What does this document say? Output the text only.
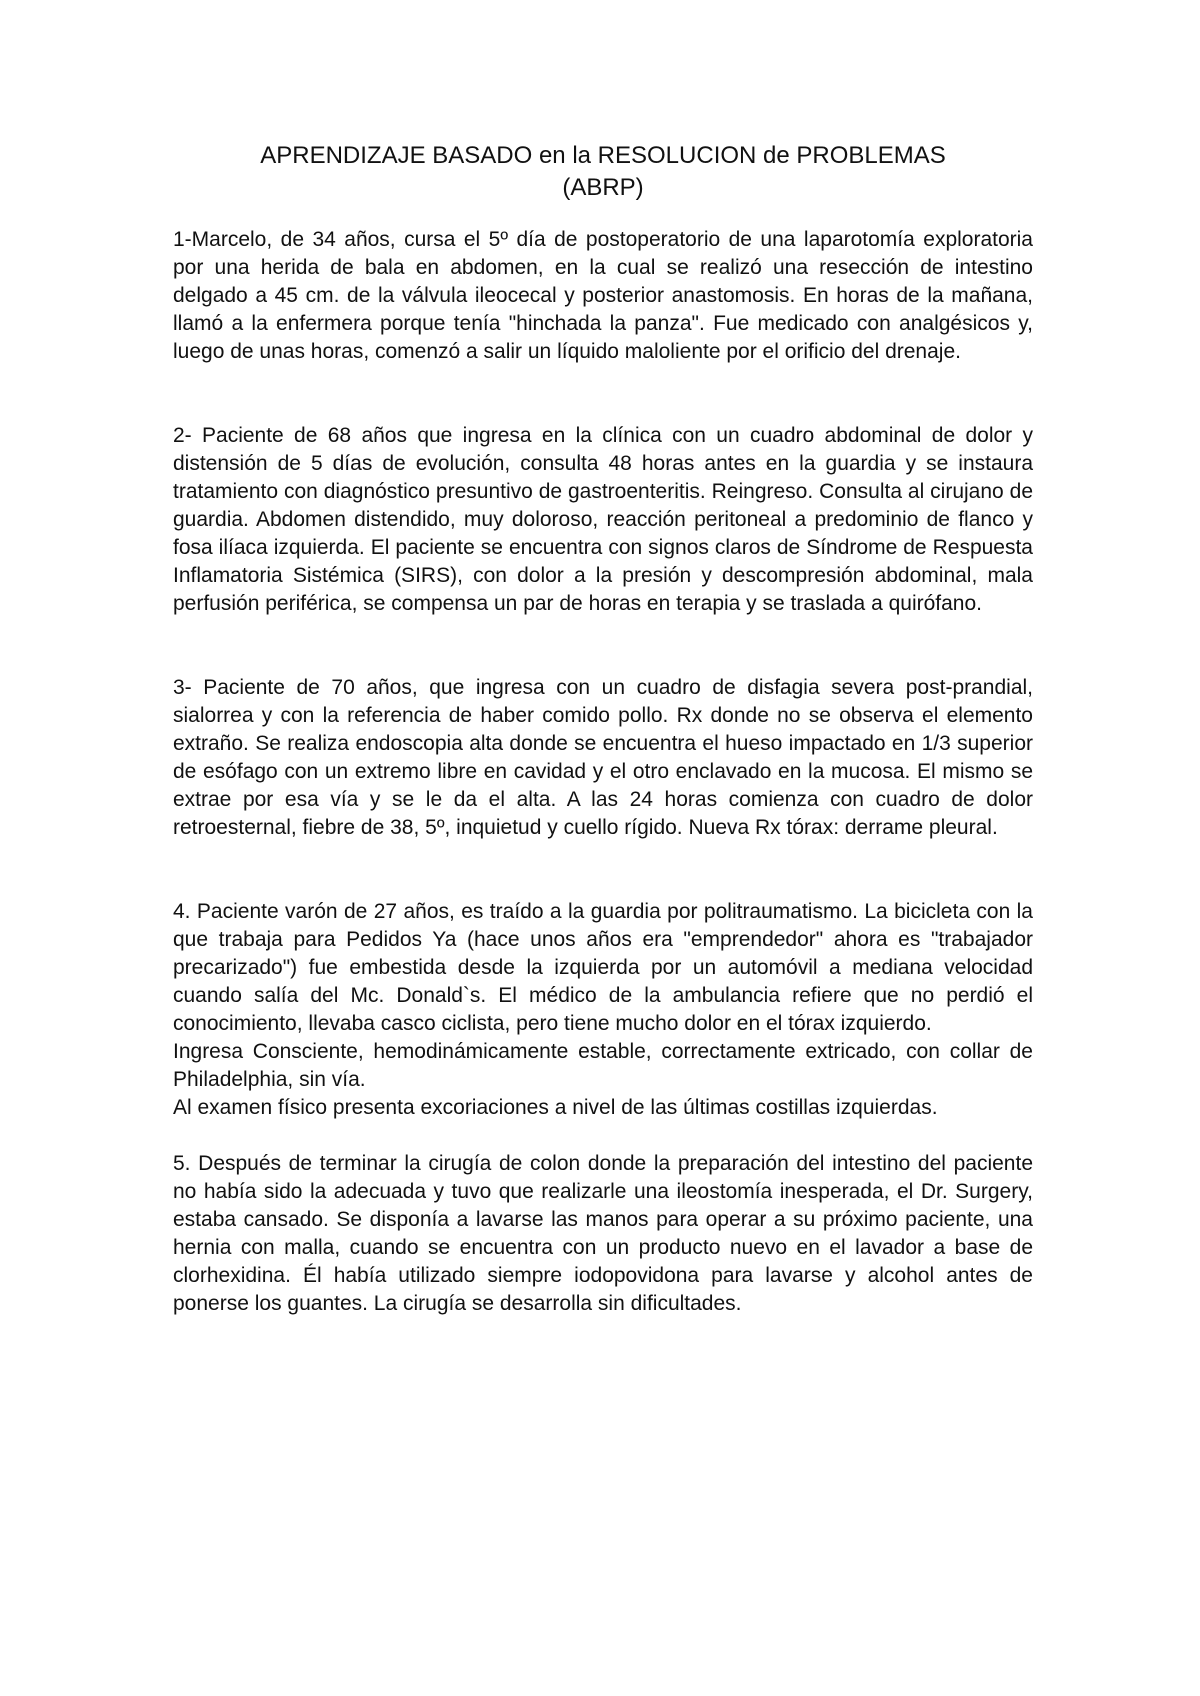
APRENDIZAJE BASADO en la RESOLUCION de PROBLEMAS
(ABRP)

1-Marcelo, de 34 años, cursa el 5º día de postoperatorio de una laparotomía exploratoria por una herida de bala en abdomen, en la cual se realizó una resección de intestino delgado a 45 cm. de la válvula ileocecal y posterior anastomosis. En horas de la mañana, llamó a la enfermera porque tenía "hinchada la panza". Fue medicado con analgésicos y, luego de unas horas, comenzó a salir un líquido maloliente por el orificio del drenaje.

2- Paciente de 68 años que ingresa en la clínica con un cuadro abdominal de dolor y distensión de 5 días de evolución, consulta 48 horas antes en la guardia y se instaura tratamiento con diagnóstico presuntivo de gastroenteritis. Reingreso. Consulta al cirujano de guardia. Abdomen distendido, muy doloroso, reacción peritoneal a predominio de flanco y fosa ilíaca izquierda. El paciente se encuentra con signos claros de Síndrome de Respuesta Inflamatoria Sistémica (SIRS), con dolor a la presión y descompresión abdominal, mala perfusión periférica, se compensa un par de horas en terapia y se traslada a quirófano.

3- Paciente de 70 años, que ingresa con un cuadro de disfagia severa post-prandial, sialorrea y con la referencia de haber comido pollo. Rx donde no se observa el elemento extraño. Se realiza endoscopia alta donde se encuentra el hueso impactado en 1/3 superior de esófago con un extremo libre en cavidad y el otro enclavado en la mucosa. El mismo se extrae por esa vía y se le da el alta. A las 24 horas comienza con cuadro de dolor retroesternal, fiebre de 38, 5º, inquietud y cuello rígido. Nueva Rx tórax: derrame pleural.

4. Paciente varón de 27 años, es traído a la guardia por politraumatismo. La bicicleta con la que trabaja para Pedidos Ya (hace unos años era "emprendedor" ahora es "trabajador precarizado") fue embestida desde la izquierda por un automóvil a mediana velocidad cuando salía del Mc. Donald`s. El médico de la ambulancia refiere que no perdió el conocimiento, llevaba casco ciclista, pero tiene mucho dolor en el tórax izquierdo.

Ingresa Consciente, hemodinámicamente estable, correctamente extricado, con collar de Philadelphia, sin vía.

Al examen físico presenta excoriaciones a nivel de las últimas costillas izquierdas.

5. Después de terminar la cirugía de colon donde la preparación del intestino del paciente no había sido la adecuada y tuvo que realizarle una ileostomía inesperada, el Dr. Surgery, estaba cansado. Se disponía a lavarse las manos para operar a su próximo paciente, una hernia con malla, cuando se encuentra con un producto nuevo en el lavador a base de clorhexidina. Él había utilizado siempre iodopovidona para lavarse y alcohol antes de ponerse los guantes. La cirugía se desarrolla sin dificultades.
